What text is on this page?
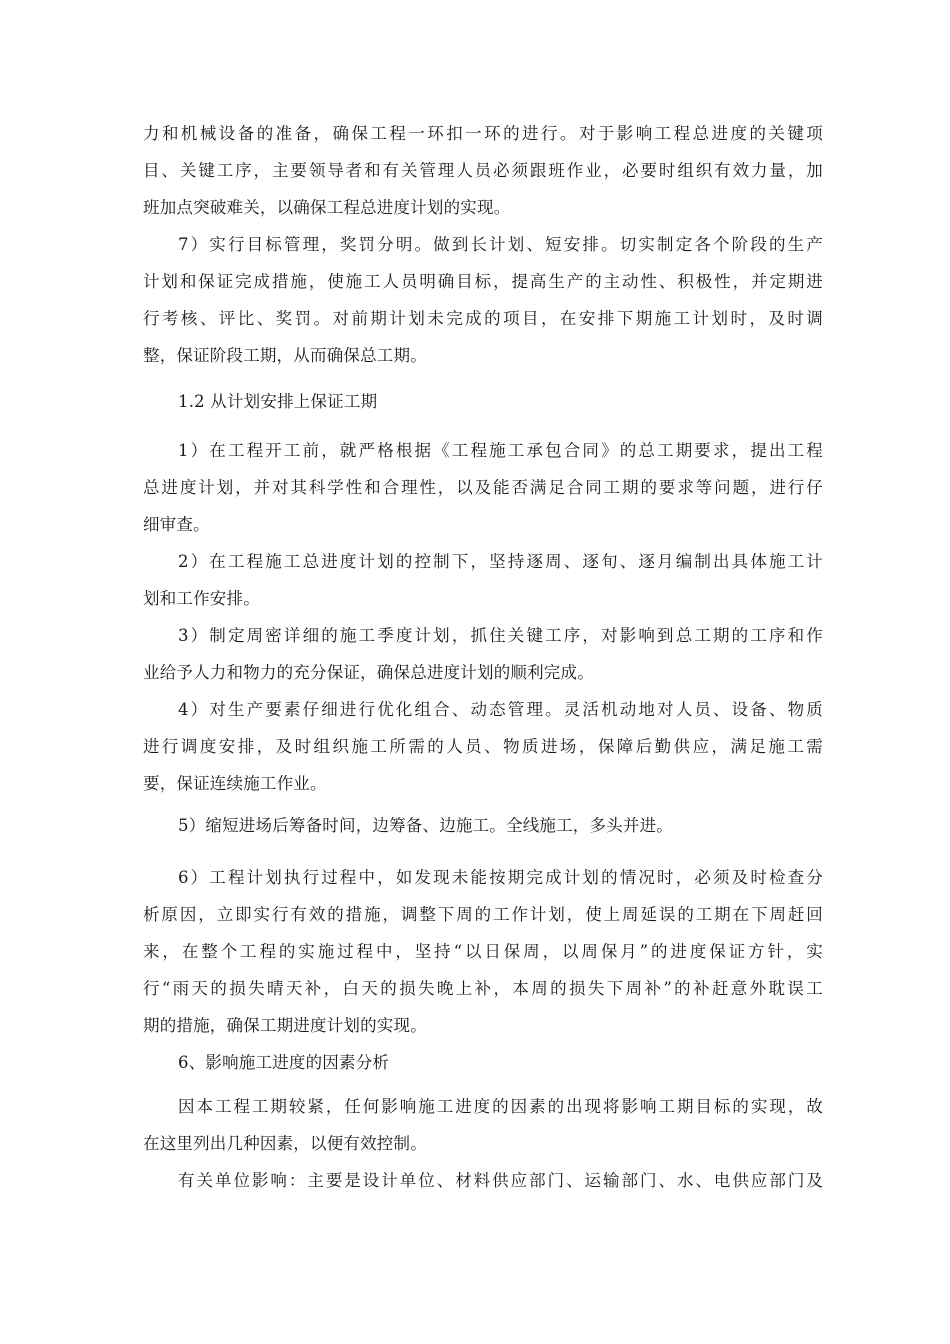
力和机械设备的准备，确保工程一环扣一环的进行。对于影响工程总进度的关键项
目、关键工序，主要领导者和有关管理人员必须跟班作业，必要时组织有效力量，加
班加点突破难关，以确保工程总进度计划的实现。
7）实行目标管理，奖罚分明。做到长计划、短安排。切实制定各个阶段的生产
计划和保证完成措施，使施工人员明确目标，提高生产的主动性、积极性，并定期进
行考核、评比、奖罚。对前期计划未完成的项目，在安排下期施工计划时，及时调
整，保证阶段工期，从而确保总工期。
1.2 从计划安排上保证工期
1）在工程开工前，就严格根据《工程施工承包合同》的总工期要求，提出工程
总进度计划，并对其科学性和合理性，以及能否满足合同工期的要求等问题，进行仔
细审查。
2）在工程施工总进度计划的控制下，坚持逐周、逐旬、逐月编制出具体施工计
划和工作安排。
3）制定周密详细的施工季度计划，抓住关键工序，对影响到总工期的工序和作
业给予人力和物力的充分保证，确保总进度计划的顺利完成。
4）对生产要素仔细进行优化组合、动态管理。灵活机动地对人员、设备、物质
进行调度安排，及时组织施工所需的人员、物质进场，保障后勤供应，满足施工需
要，保证连续施工作业。
5）缩短进场后筹备时间，边筹备、边施工。全线施工，多头并进。
6）工程计划执行过程中，如发现未能按期完成计划的情况时，必须及时检查分
析原因，立即实行有效的措施，调整下周的工作计划，使上周延误的工期在下周赶回
来，在整个工程的实施过程中，坚持“以日保周，以周保月”的进度保证方针，实
行“雨天的损失晴天补，白天的损失晚上补，本周的损失下周补”的补赶意外耽误工
期的措施，确保工期进度计划的实现。
6、影响施工进度的因素分析
因本工程工期较紧，任何影响施工进度的因素的出现将影响工期目标的实现，故
在这里列出几种因素，以便有效控制。
有关单位影响：主要是设计单位、材料供应部门、运输部门、水、电供应部门及
